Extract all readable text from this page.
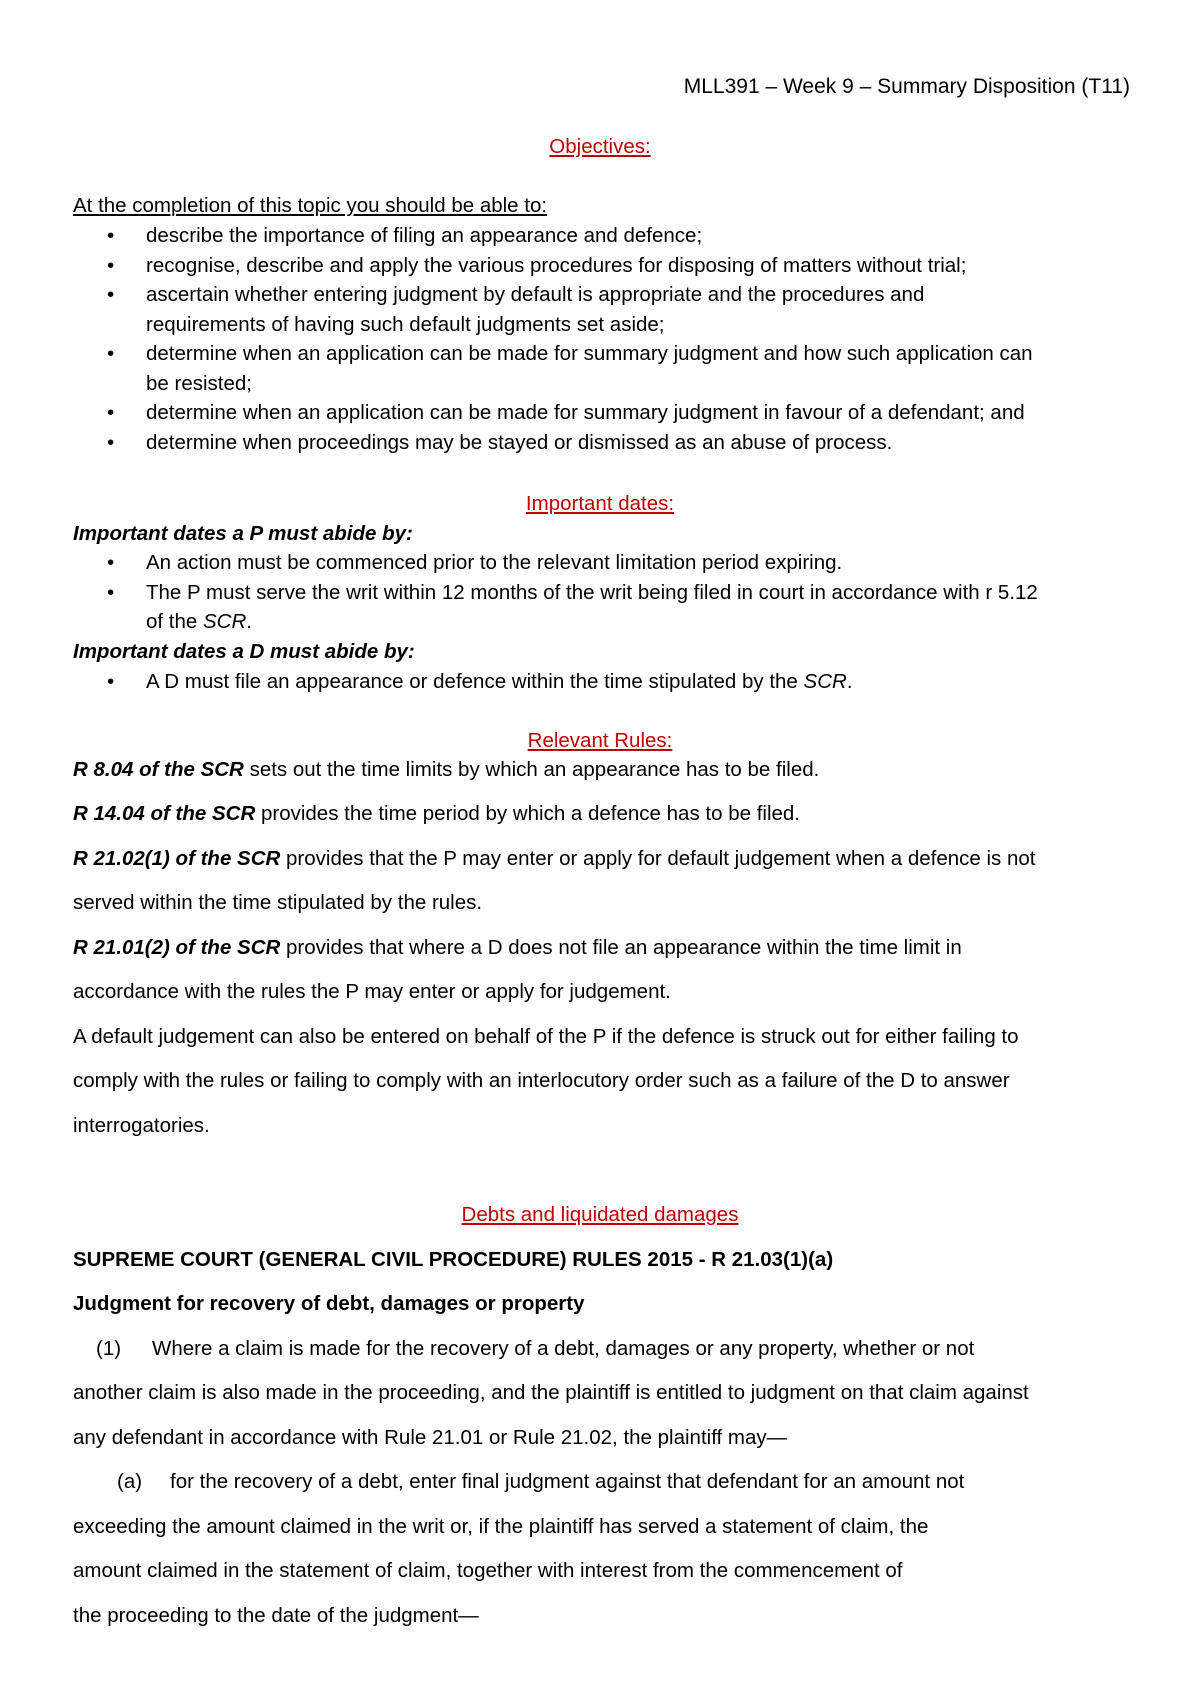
MLL391 – Week 9 – Summary Disposition (T11)
Objectives:
At the completion of this topic you should be able to:
• describe the importance of filing an appearance and defence;
• recognise, describe and apply the various procedures for disposing of matters without trial;
• ascertain whether entering judgment by default is appropriate and the procedures and
requirements of having such default judgments set aside;
• determine when an application can be made for summary judgment and how such application can
be resisted;
• determine when an application can be made for summary judgment in favour of a defendant; and
• determine when proceedings may be stayed or dismissed as an abuse of process.
Important dates:
Important dates a P must abide by:
• An action must be commenced prior to the relevant limitation period expiring.
• The P must serve the writ within 12 months of the writ being filed in court in accordance with r 5.12
of the SCR.
Important dates a D must abide by:
• A D must file an appearance or defence within the time stipulated by the SCR.
Relevant Rules:
R 8.04 of the SCR sets out the time limits by which an appearance has to be filed.
R 14.04 of the SCR provides the time period by which a defence has to be filed.
R 21.02(1) of the SCR provides that the P may enter or apply for default judgement when a defence is not
served within the time stipulated by the rules.
R 21.01(2) of the SCR provides that where a D does not file an appearance within the time limit in
accordance with the rules the P may enter or apply for judgement.
A default judgement can also be entered on behalf of the P if the defence is struck out for either failing to
comply with the rules or failing to comply with an interlocutory order such as a failure of the D to answer
interrogatories.
Debts and liquidated damages
SUPREME COURT (GENERAL CIVIL PROCEDURE) RULES 2015 - R 21.03(1)(a)
Judgment for recovery of debt, damages or property
(1) Where a claim is made for the recovery of a debt, damages or any property, whether or not
another claim is also made in the proceeding, and the plaintiff is entitled to judgment on that claim against
any defendant in accordance with Rule 21.01 or Rule 21.02, the plaintiff may—
(a) for the recovery of a debt, enter final judgment against that defendant for an amount not
exceeding the amount claimed in the writ or, if the plaintiff has served a statement of claim, the
amount claimed in the statement of claim, together with interest from the commencement of
the proceeding to the date of the judgment—
